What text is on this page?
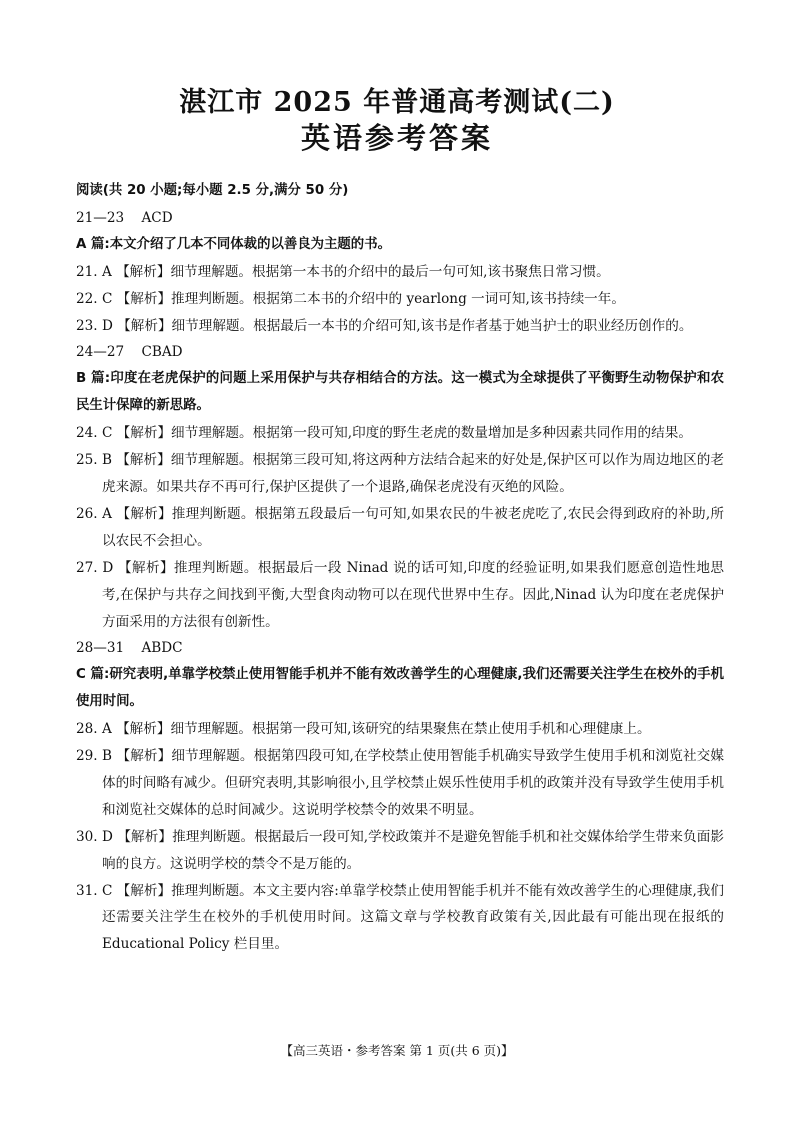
湛江市 2025 年普通高考测试(二)
英语参考答案
阅读(共 20 小题;每小题 2.5 分,满分 50 分)
21—23    ACD
A 篇:本文介绍了几本不同体裁的以善良为主题的书。
21. A 【解析】细节理解题。根据第一本书的介绍中的最后一句可知,该书聚焦日常习惯。
22. C 【解析】推理判断题。根据第二本书的介绍中的 yearlong 一词可知,该书持续一年。
23. D 【解析】细节理解题。根据最后一本书的介绍可知,该书是作者基于她当护士的职业经历创作的。
24—27    CBAD
B 篇:印度在老虎保护的问题上采用保护与共存相结合的方法。这一模式为全球提供了平衡野生动物保护和农民生计保障的新思路。
24. C 【解析】细节理解题。根据第一段可知,印度的野生老虎的数量增加是多种因素共同作用的结果。
25. B 【解析】细节理解题。根据第三段可知,将这两种方法结合起来的好处是,保护区可以作为周边地区的老虎来源。如果共存不再可行,保护区提供了一个退路,确保老虎没有灭绝的风险。
26. A 【解析】推理判断题。根据第五段最后一句可知,如果农民的牛被老虎吃了,农民会得到政府的补助,所以农民不会担心。
27. D 【解析】推理判断题。根据最后一段 Ninad 说的话可知,印度的经验证明,如果我们愿意创造性地思考,在保护与共存之间找到平衡,大型食肉动物可以在现代世界中生存。因此,Ninad 认为印度在老虎保护方面采用的方法很有创新性。
28—31    ABDC
C 篇:研究表明,单靠学校禁止使用智能手机并不能有效改善学生的心理健康,我们还需要关注学生在校外的手机使用时间。
28. A 【解析】细节理解题。根据第一段可知,该研究的结果聚焦在禁止使用手机和心理健康上。
29. B 【解析】细节理解题。根据第四段可知,在学校禁止使用智能手机确实导致学生使用手机和浏览社交媒体的时间略有减少。但研究表明,其影响很小,且学校禁止娱乐性使用手机的政策并没有导致学生使用手机和浏览社交媒体的总时间减少。这说明学校禁令的效果不明显。
30. D 【解析】推理判断题。根据最后一段可知,学校政策并不是避免智能手机和社交媒体给学生带来负面影响的良方。这说明学校的禁令不是万能的。
31. C 【解析】推理判断题。本文主要内容:单靠学校禁止使用智能手机并不能有效改善学生的心理健康,我们还需要关注学生在校外的手机使用时间。这篇文章与学校教育政策有关,因此最有可能出现在报纸的 Educational Policy 栏目里。
【高三英语・参考答案 第 1 页(共 6 页)】
